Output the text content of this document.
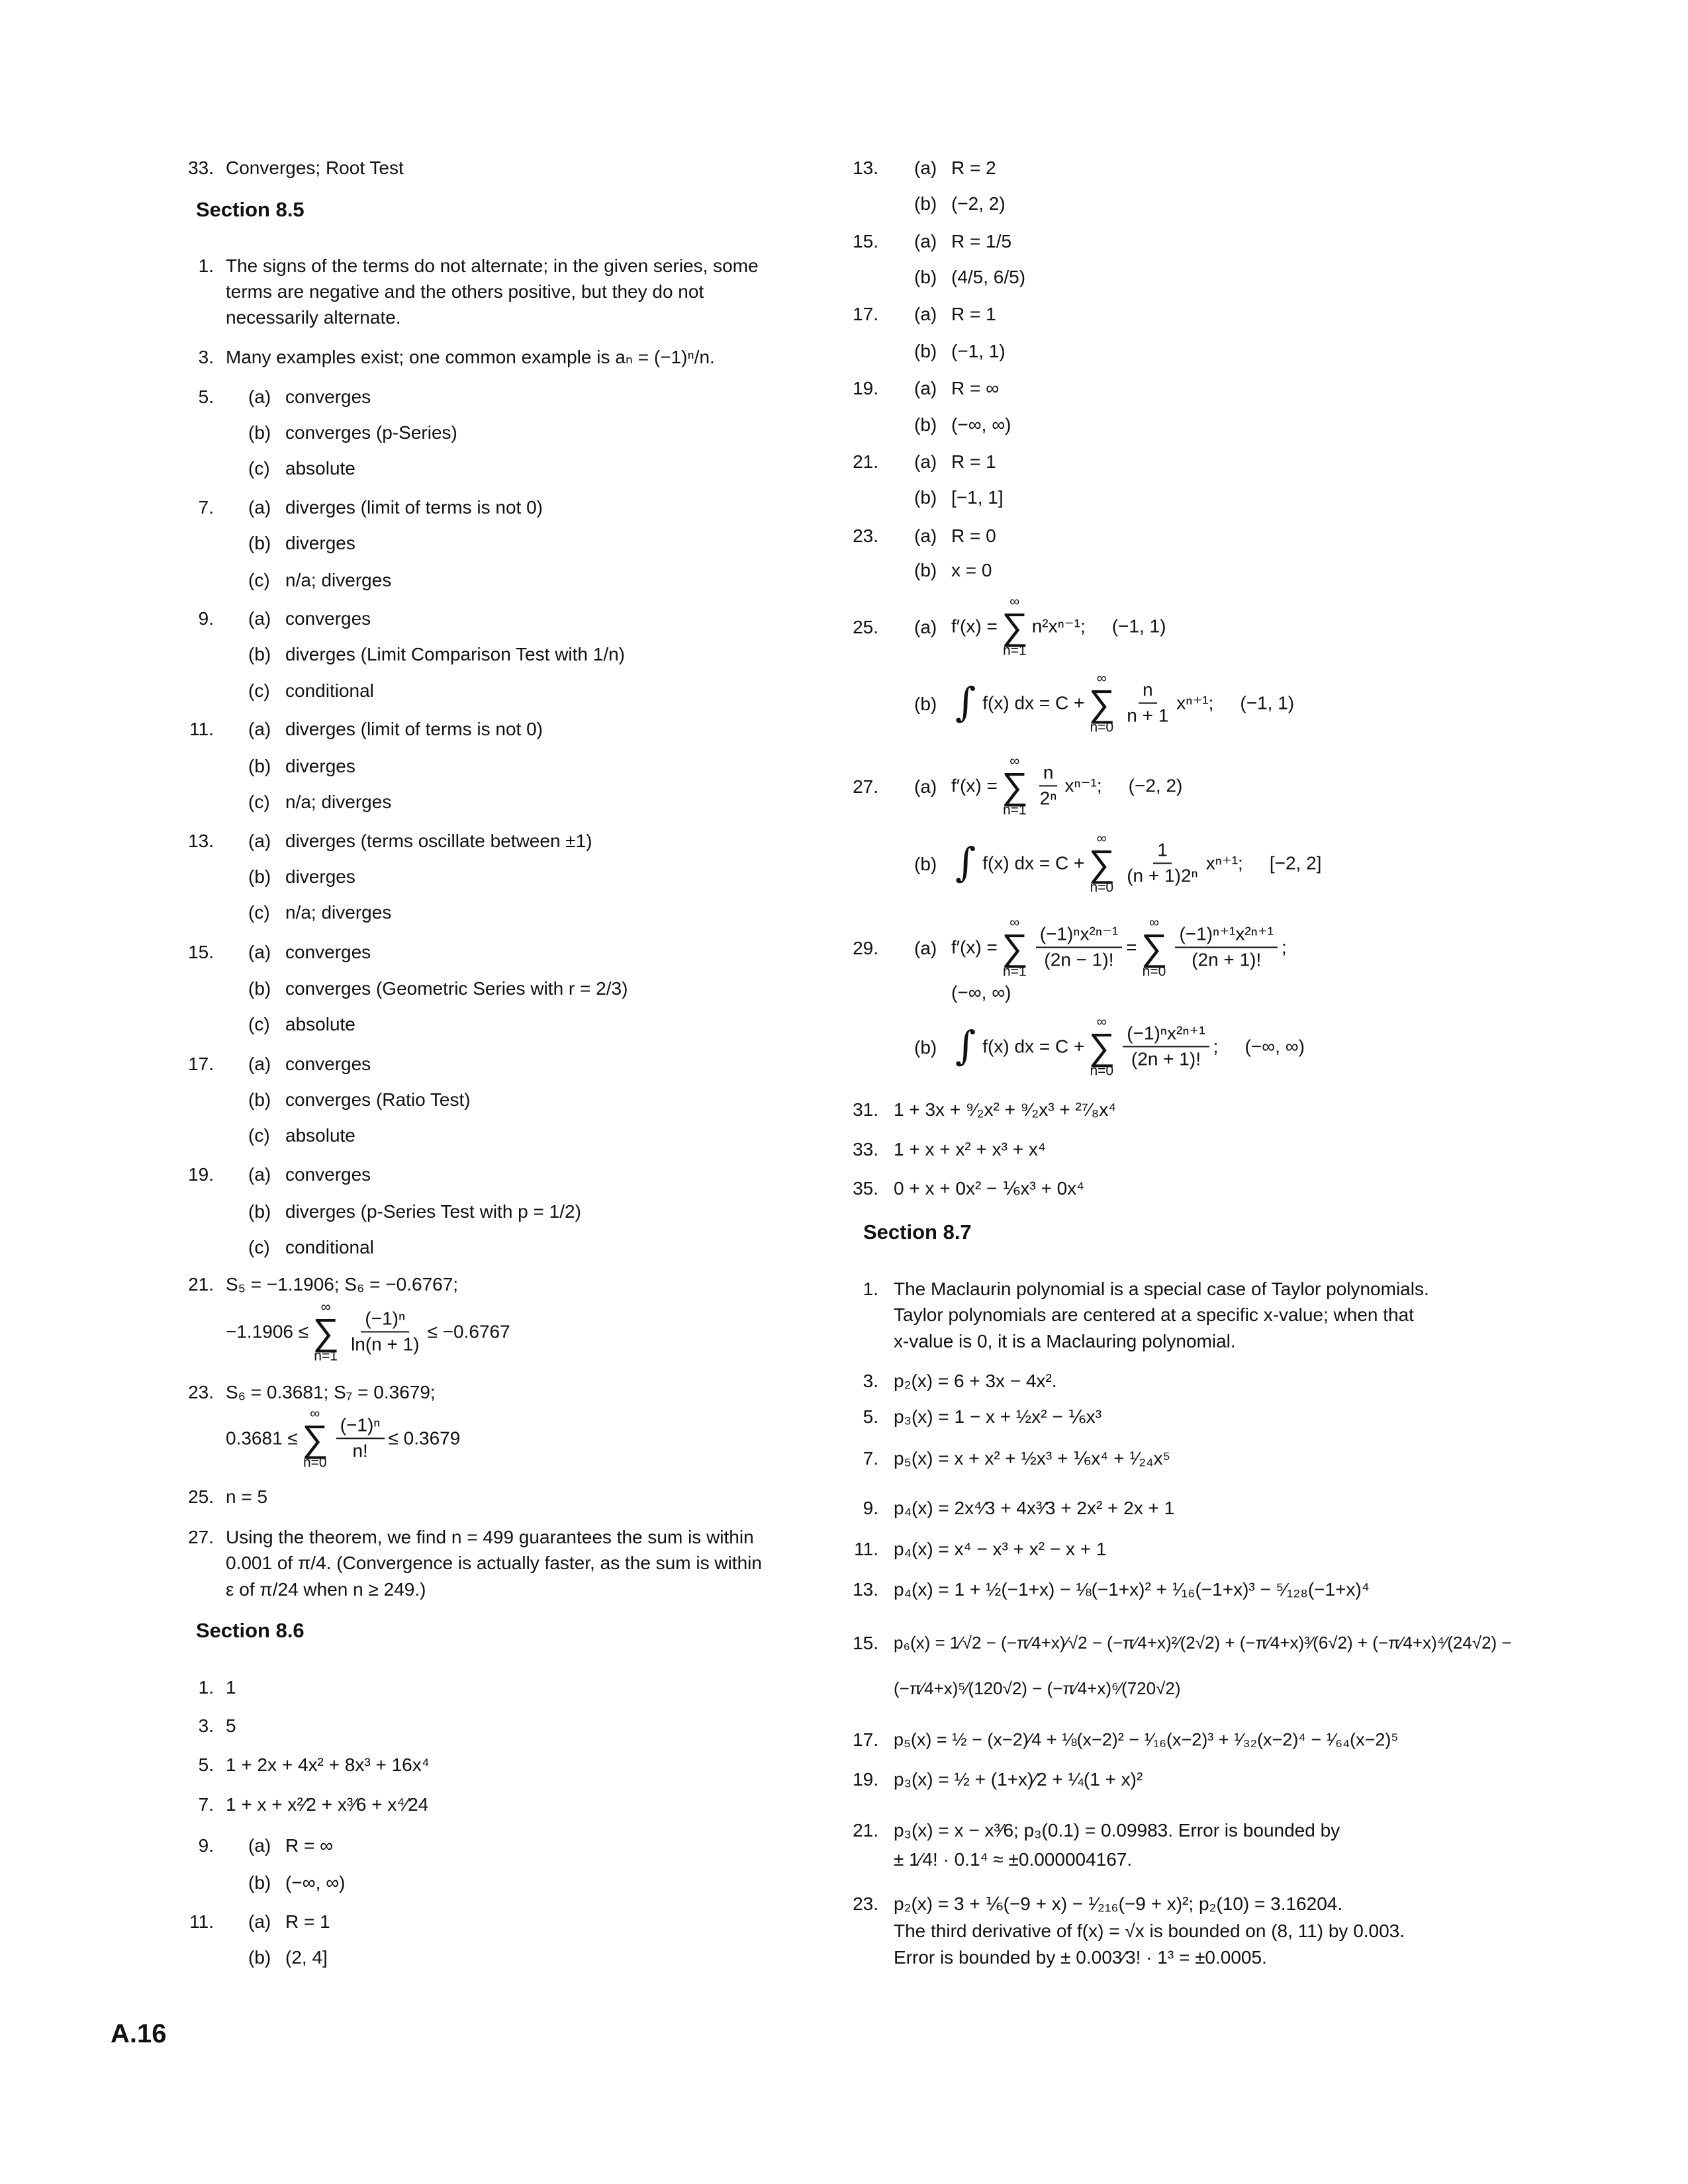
33. Converges; Root Test
Section 8.5
1. The signs of the terms do not alternate; in the given series, some
terms are negative and the others positive, but they do not
necessarily alternate.
3. Many examples exist; one common example is aₙ = (−1)ⁿ/n.
5. (a) converges
(b) converges (p-Series)
(c) absolute
7. (a) diverges (limit of terms is not 0)
(b) diverges
(c) n/a; diverges
9. (a) converges
(b) diverges (Limit Comparison Test with 1/n)
(c) conditional
11. (a) diverges (limit of terms is not 0)
(b) diverges
(c) n/a; diverges
13. (a) diverges (terms oscillate between ±1)
(b) diverges
(c) n/a; diverges
15. (a) converges
(b) converges (Geometric Series with r = 2/3)
(c) absolute
17. (a) converges
(b) converges (Ratio Test)
(c) absolute
19. (a) converges
(b) diverges (p-Series Test with p = 1/2)
(c) conditional
21. S₅ = −1.1906; S₆ = −0.6767;
−1.1906 ≤
∞
∑
n=1
$\frac{\text{(−1)ⁿ}}{\ln(n + 1)} \le -0.6767$
23. S₆ = 0.3681; S₇ = 0.3679;
0.3681 ≤
∞
∑
n=0
$\frac{\text{(−1)ⁿ}}{n!} \le 0.3679$
25. n = 5
27. Using the theorem, we find n = 499 guarantees the sum is within
0.001 of π/4. (Convergence is actually faster, as the sum is within
ε of π/24 when n ≥ 249.)
Section 8.6
1. 1
3. 5
5. 1 + 2x + 4x² + 8x³ + 16x⁴
7. 1 + x + x²⁄2 + x³⁄6 + x⁴⁄24
9. (a) R = ∞
(b) (−∞, ∞)
11. (a) R = 1
(b) (2, 4]
A.16
13. (a) R = 2
(b) (−2, 2)
15. (a) R = 1/5
(b) (4/5, 6/5)
17. (a) R = 1
(b) (−1, 1)
19. (a) R = ∞
(b) (−∞, ∞)
21. (a) R = 1
(b) [−1, 1]
23. (a) R = 0
(b) x = 0
25. (a) f′(x) =
∞
∑
n=1
n²xⁿ⁻¹; (−1, 1)
(b) ∫ f(x) dx = C +
∞
∑
n=0
$\frac{n}{n + 1} x^{n+1}$; (−1, 1)
27. (a) f′(x) =
∞
∑
n=1
$\frac{n}{\text{2ⁿ}} x^{n-1}$; (−2, 2)
(b) ∫ f(x) dx = C +
∞
∑
n=0
$\frac{1}{\text{(n + 1)2ⁿ}} x^{n+1}$; [−2, 2]
29. (a) f′(x) =
∞
∑
n=1
$\frac{\text{(−1)ⁿx²ⁿ⁻¹}}{(2n - 1)!}$ =
∞
∑
n=0
$\frac{\text{(−1)ⁿ⁺¹x²ⁿ⁺¹}}{(2n + 1)!}$ ;
(−∞, ∞)
(b) ∫ f(x) dx = C +
∞
∑
n=0
$\frac{\text{(−1)ⁿx²ⁿ⁺¹}}{(2n + 1)!}$ ; (−∞, ∞)
31. 1 + 3x + ⁹⁄₂x² + ⁹⁄₂x³ + ²⁷⁄₈x⁴
33. 1 + x + x² + x³ + x⁴
35. 0 + x + 0x² − ⅙x³ + 0x⁴
Section 8.7
1. The Maclaurin polynomial is a special case of Taylor polynomials.
Taylor polynomials are centered at a specific x-value; when that
x-value is 0, it is a Maclauring polynomial.
3. p₂(x) = 6 + 3x − 4x².
5. p₃(x) = 1 − x + ½x² − ⅙x³
7. p₅(x) = x + x² + ½x³ + ⅙x⁴ + ¹⁄₂₄x⁵
9. p₄(x) = 2x⁴⁄3 + 4x³⁄3 + 2x² + 2x + 1
11. p₄(x) = x⁴ − x³ + x² − x + 1
13. p₄(x) = 1 + ½(−1+x) − ⅛(−1+x)² + ¹⁄₁₆(−1+x)³ − ⁵⁄₁₂₈(−1+x)⁴
15. p₆(x) = 1⁄√2 − (−π⁄4+x)⁄√2 − (−π⁄4+x)²⁄(2√2) + (−π⁄4+x)³⁄(6√2) + (−π⁄4+x)⁴⁄(24√2) −
(−π⁄4+x)⁵⁄(120√2) − (−π⁄4+x)⁶⁄(720√2)
17. p₅(x) = ½ − (x−2)⁄4 + ⅛(x−2)² − ¹⁄₁₆(x−2)³ + ¹⁄₃₂(x−2)⁴ − ¹⁄₆₄(x−2)⁵
19. p₃(x) = ½ + (1+x)⁄2 + ¼(1 + x)²
21. p₃(x) = x − x³⁄6; p₃(0.1) = 0.09983. Error is bounded by
± 1⁄4! · 0.1⁴ ≈ ±0.000004167.
23. p₂(x) = 3 + ⅙(−9 + x) − ¹⁄₂₁₆(−9 + x)²; p₂(10) = 3.16204.
The third derivative of f(x) = √x is bounded on (8, 11) by 0.003.
Error is bounded by ± 0.003⁄3! · 1³ = ±0.0005.
